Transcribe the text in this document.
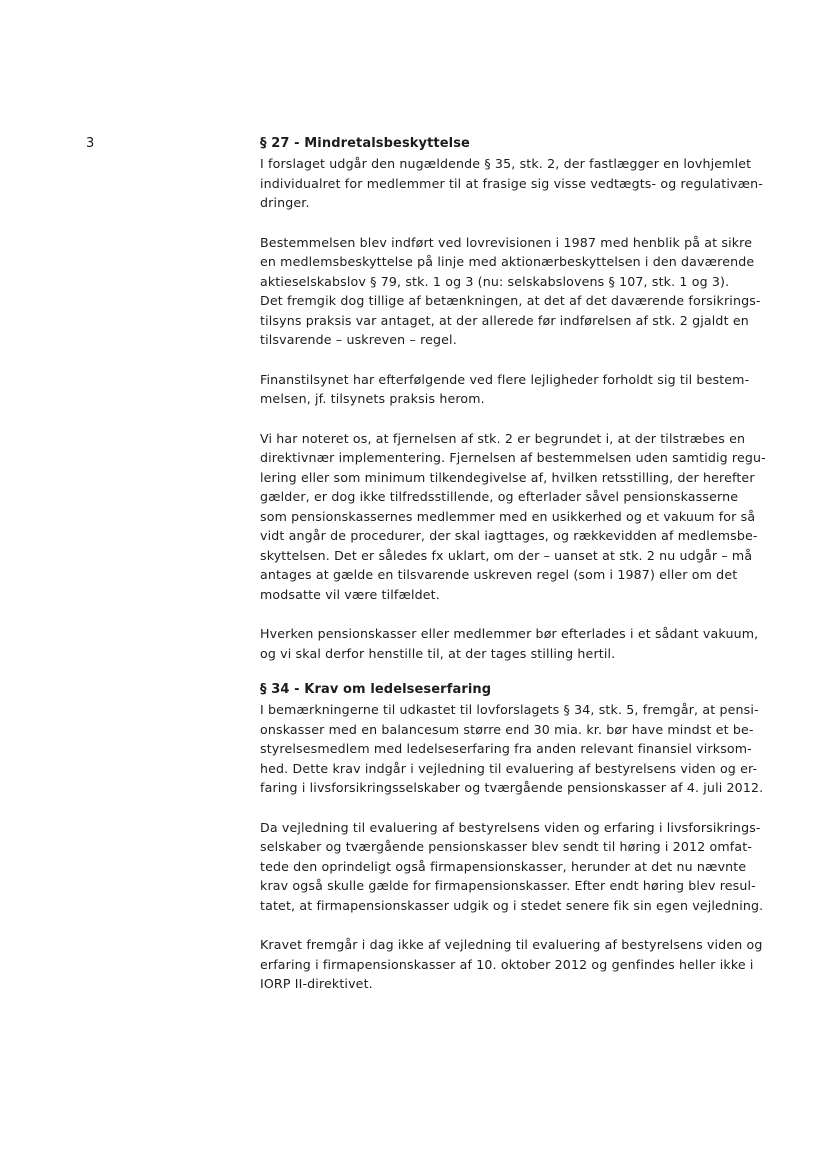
3	§ 27 - Mindretalsbeskyttelse
I forslaget udgår den nugældende § 35, stk. 2, der fastlægger en lovhjemlet
individualret for medlemmer til at frasige sig visse vedtægts- og regulativæn-
dringer.
Bestemmelsen blev indført ved lovrevisionen i 1987 med henblik på at sikre
en medlemsbeskyttelse på linje med aktionærbeskyttelsen i den daværende
aktieselskabslov § 79, stk. 1 og 3 (nu: selskabslovens § 107, stk. 1 og 3).
Det fremgik dog tillige af betænkningen, at det af det daværende forsikrings-
tilsyns praksis var antaget, at der allerede før indførelsen af stk. 2 gjaldt en
tilsvarende – uskreven – regel.
Finanstilsynet har efterfølgende ved flere lejligheder forholdt sig til bestem-
melsen, jf. tilsynets praksis herom.
Vi har noteret os, at fjernelsen af stk. 2 er begrundet i, at der tilstræbes en
direktivnær implementering. Fjernelsen af bestemmelsen uden samtidig regu-
lering eller som minimum tilkendegivelse af, hvilken retsstilling, der herefter
gælder, er dog ikke tilfredsstillende, og efterlader såvel pensionskasserne
som pensionskassernes medlemmer med en usikkerhed og et vakuum for så
vidt angår de procedurer, der skal iagttages, og rækkevidden af medlemsbe-
skyttelsen. Det er således fx uklart, om der – uanset at stk. 2 nu udgår – må
antages at gælde en tilsvarende uskreven regel (som i 1987) eller om det
modsatte vil være tilfældet.
Hverken pensionskasser eller medlemmer bør efterlades i et sådant vakuum,
og vi skal derfor henstille til, at der tages stilling hertil.
§ 34 - Krav om ledelseserfaring
I bemærkningerne til udkastet til lovforslagets § 34, stk. 5, fremgår, at pensi-
onskasser med en balancesum større end 30 mia. kr. bør have mindst et be-
styrelsesmedlem med ledelseserfaring fra anden relevant finansiel virksom-
hed. Dette krav indgår i vejledning til evaluering af bestyrelsens viden og er-
faring i livsforsikringsselskaber og tværgående pensionskasser af 4. juli 2012.
Da vejledning til evaluering af bestyrelsens viden og erfaring i livsforsikrings-
selskaber og tværgående pensionskasser blev sendt til høring i 2012 omfat-
tede den oprindeligt også firmapensionskasser, herunder at det nu nævnte
krav også skulle gælde for firmapensionskasser. Efter endt høring blev resul-
tatet, at firmapensionskasser udgik og i stedet senere fik sin egen vejledning.
Kravet fremgår i dag ikke af vejledning til evaluering af bestyrelsens viden og
erfaring i firmapensionskasser af 10. oktober 2012 og genfindes heller ikke i
IORP II-direktivet.
